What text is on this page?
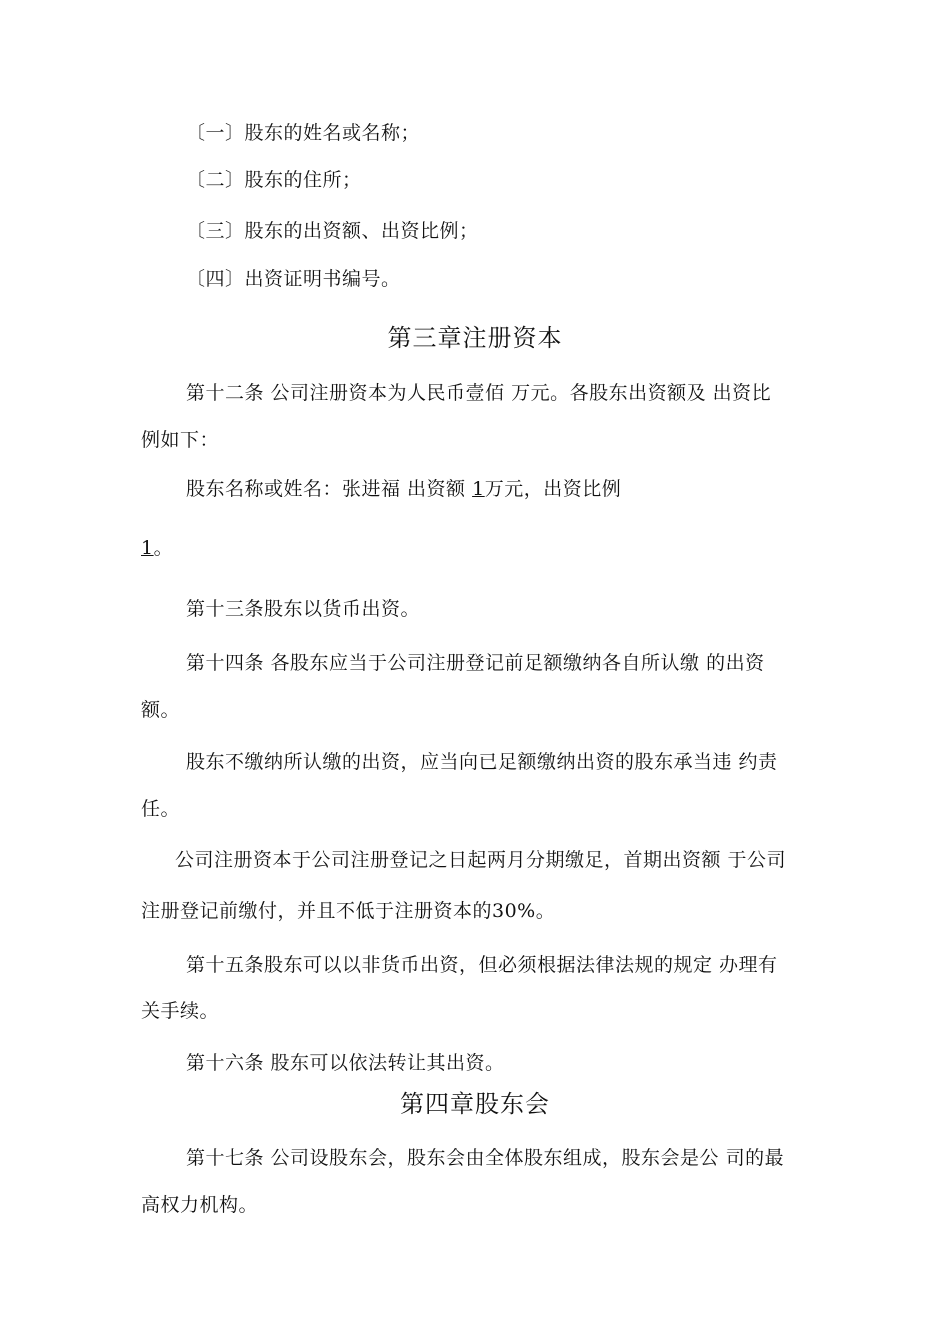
〔一〕股东的姓名或名称；
〔二〕股东的住所；
〔三〕股东的出资额、出资比例；
〔四〕出资证明书编号。
第三章注册资本
第十二条 公司注册资本为人民币壹佰 万元。各股东出资额及 出资比
例如下：
股东名称或姓名：张进福 出资额 1万元，出资比例
1。
第十三条股东以货币出资。
第十四条 各股东应当于公司注册登记前足额缴纳各自所认缴 的出资
额。
股东不缴纳所认缴的出资，应当向已足额缴纳出资的股东承当违 约责
任。
公司注册资本于公司注册登记之日起两月分期缴足，首期出资额 于公司
注册登记前缴付，并且不低于注册资本的30%。
第十五条股东可以以非货币出资，但必须根据法律法规的规定 办理有
关手续。
第十六条 股东可以依法转让其出资。
第四章股东会
第十七条 公司设股东会，股东会由全体股东组成，股东会是公 司的最
高权力机构。
